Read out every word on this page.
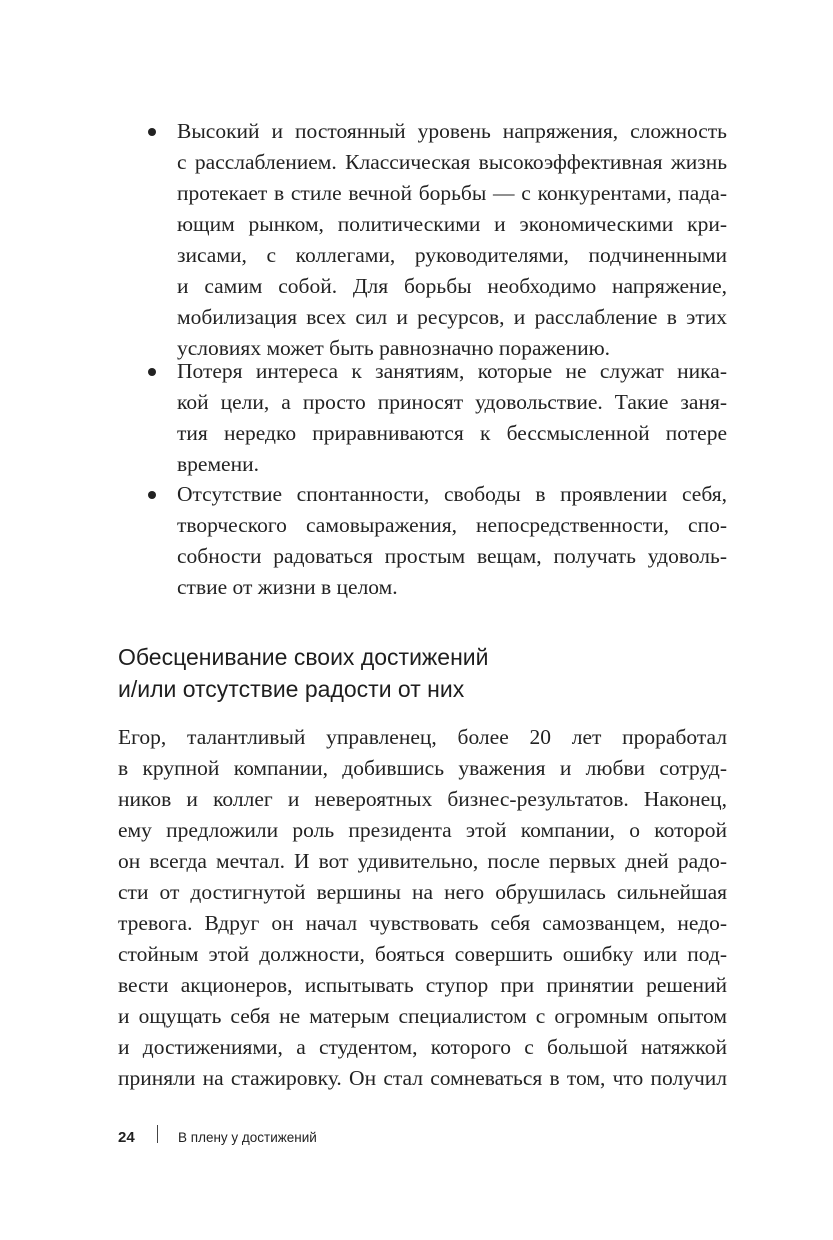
Высокий и постоянный уровень напряжения, сложность
с расслаблением. Классическая высокоэффективная жизнь
протекает в стиле вечной борьбы — с конкурентами, пада-
ющим рынком, политическими и экономическими кри-
зисами, с коллегами, руководителями, подчиненными
и самим собой. Для борьбы необходимо напряжение,
мобилизация всех сил и ресурсов, и расслабление в этих
условиях может быть равнозначно поражению.
Потеря интереса к занятиям, которые не служат ника-
кой цели, а просто приносят удовольствие. Такие заня-
тия нередко приравниваются к бессмысленной потере
времени.
Отсутствие спонтанности, свободы в проявлении себя,
творческого самовыражения, непосредственности, спо-
собности радоваться простым вещам, получать удоволь-
ствие от жизни в целом.
Обесценивание своих достижений
и/или отсутствие радости от них
Егор, талантливый управленец, более 20 лет проработал
в крупной компании, добившись уважения и любви сотруд-
ников и коллег и невероятных бизнес-результатов. Наконец,
ему предложили роль президента этой компании, о которой
он всегда мечтал. И вот удивительно, после первых дней радо-
сти от достигнутой вершины на него обрушилась сильнейшая
тревога. Вдруг он начал чувствовать себя самозванцем, недо-
стойным этой должности, бояться совершить ошибку или под-
вести акционеров, испытывать ступор при принятии решений
и ощущать себя не матерым специалистом с огромным опытом
и достижениями, а студентом, которого с большой натяжкой
приняли на стажировку. Он стал сомневаться в том, что получил
24	В плену у достижений
